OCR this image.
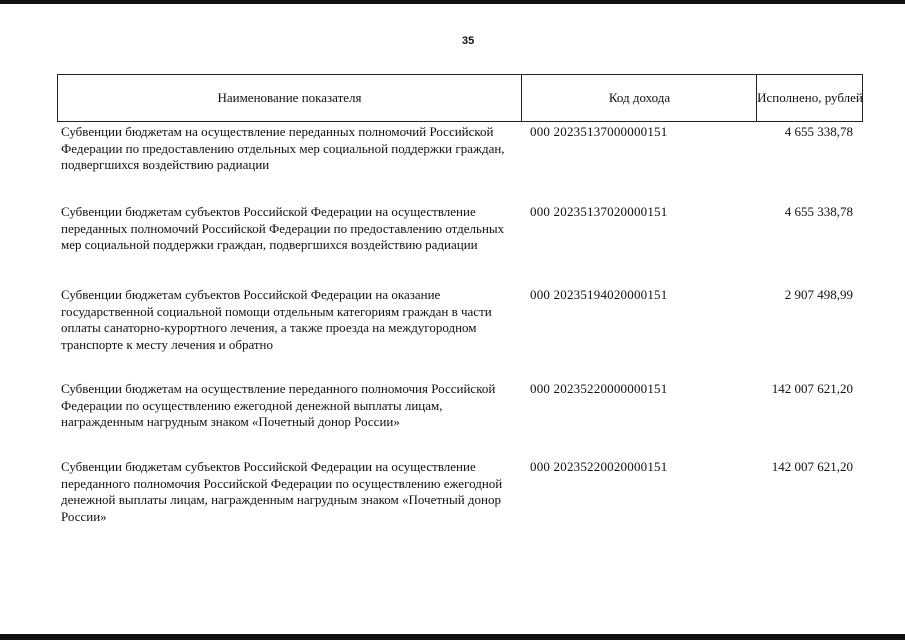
35
Наименование показателя	Код дохода	Исполнено, рублей
Субвенции бюджетам на осуществление переданных полномочий Российской Федерации по предоставлению отдельных мер социальной поддержки граждан, подвергшихся воздействию радиации
000 20235137000000151	4 655 338,78
Субвенции бюджетам субъектов Российской Федерации на осуществление переданных полномочий Российской Федерации по предоставлению отдельных мер социальной поддержки граждан, подвергшихся воздействию радиации
000 20235137020000151	4 655 338,78
Субвенции бюджетам субъектов Российской Федерации на оказание государственной социальной помощи отдельным категориям граждан в части оплаты санаторно-курортного лечения, а также проезда на междугородном транспорте к месту лечения и обратно
000 20235194020000151	2 907 498,99
Субвенции бюджетам на осуществление переданного полномочия Российской Федерации по осуществлению ежегодной денежной выплаты лицам, награжденным нагрудным знаком «Почетный донор России»
000 20235220000000151	142 007 621,20
Субвенции бюджетам субъектов Российской Федерации на осуществление переданного полномочия Российской Федерации по осуществлению ежегодной денежной выплаты лицам, награжденным нагрудным знаком «Почетный донор России»
000 20235220020000151	142 007 621,20
